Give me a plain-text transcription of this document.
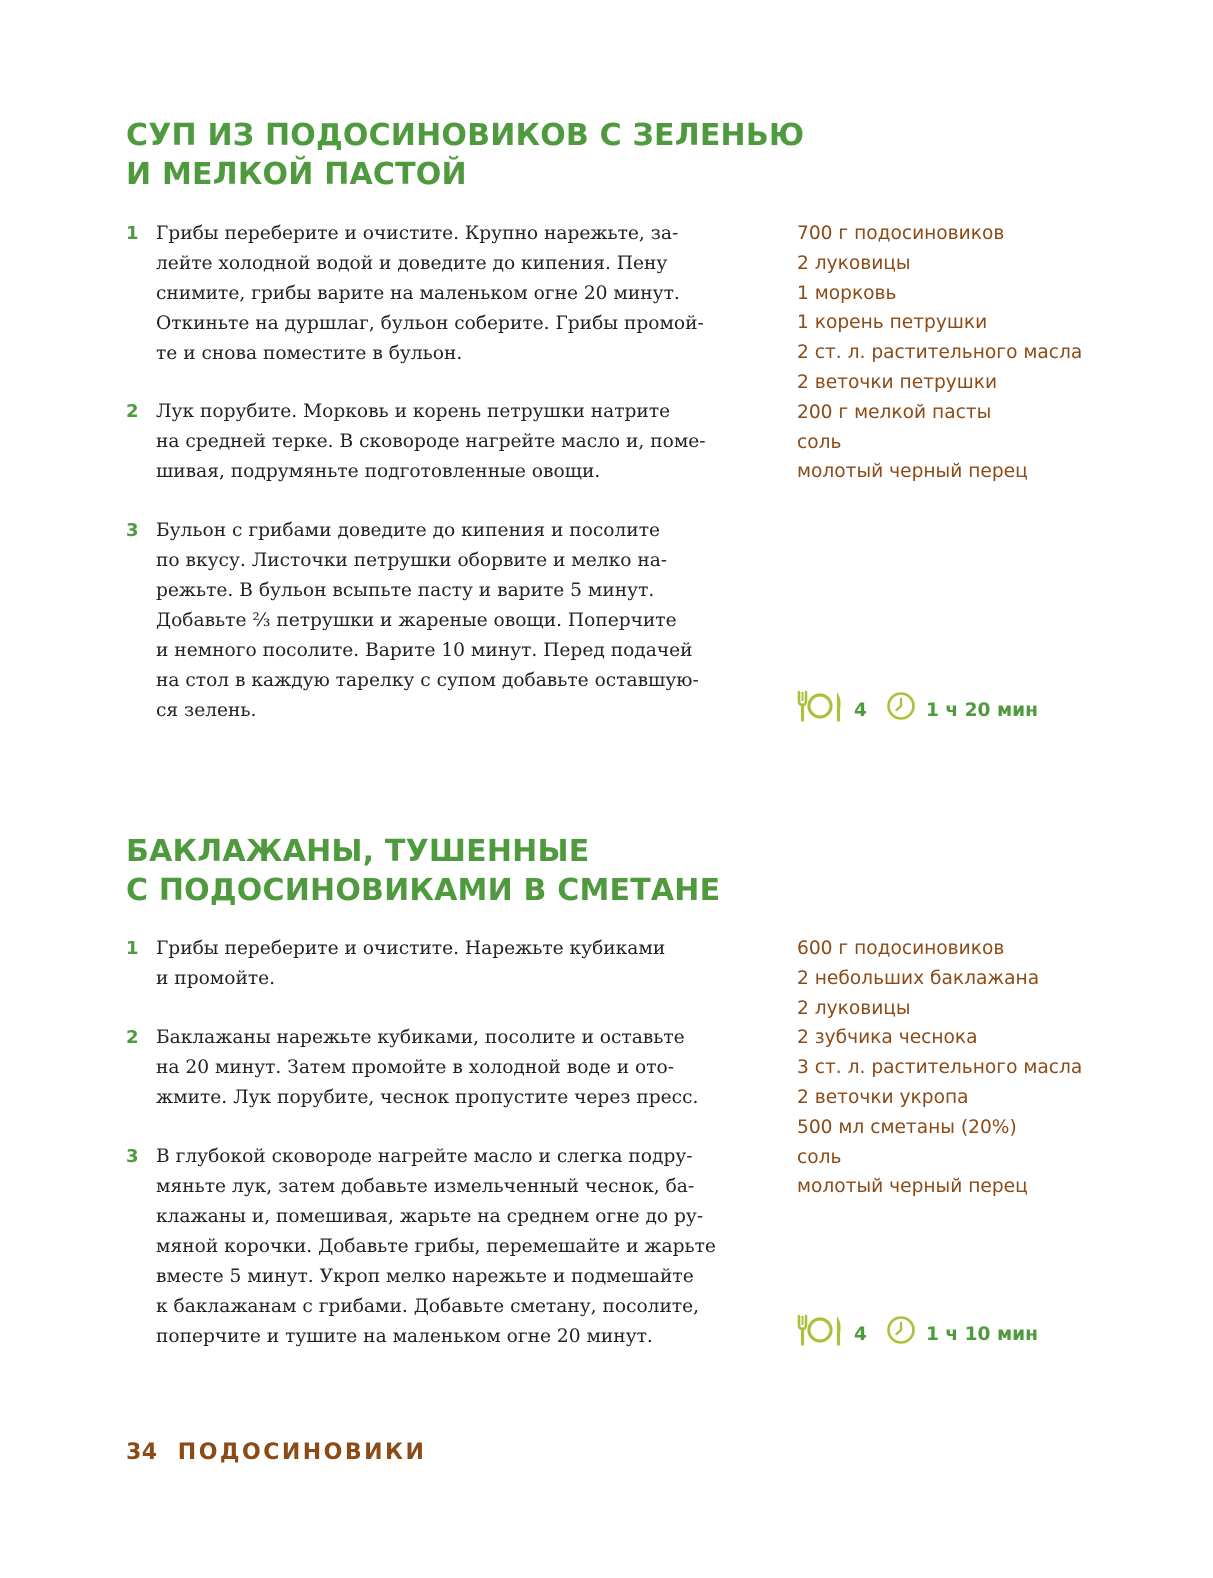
СУП ИЗ ПОДОСИНОВИКОВ С ЗЕЛЕНЬЮ
И МЕЛКОЙ ПАСТОЙ
1 Грибы переберите и очистите. Крупно нарежьте, за-
лейте холодной водой и доведите до кипения. Пену
снимите, грибы варите на маленьком огне 20 минут.
Откиньте на дуршлаг, бульон соберите. Грибы промой-
те и снова поместите в бульон.
2 Лук порубите. Морковь и корень петрушки натрите
на средней терке. В сковороде нагрейте масло и, поме-
шивая, подрумяньте подготовленные овощи.
3 Бульон с грибами доведите до кипения и посолите
по вкусу. Листочки петрушки оборвите и мелко на-
режьте. В бульон всыпьте пасту и варите 5 минут.
Добавьте ⅔ петрушки и жареные овощи. Поперчите
и немного посолите. Варите 10 минут. Перед подачей
на стол в каждую тарелку с супом добавьте оставшую-
ся зелень.
700 г подосиновиков
2 луковицы
1 морковь
1 корень петрушки
2 ст. л. растительного масла
2 веточки петрушки
200 г мелкой пасты
соль
молотый черный перец
4	1 ч 20 мин
БАКЛАЖАНЫ, ТУШЕННЫЕ
С ПОДОСИНОВИКАМИ В СМЕТАНЕ
1 Грибы переберите и очистите. Нарежьте кубиками
и промойте.
2 Баклажаны нарежьте кубиками, посолите и оставьте
на 20 минут. Затем промойте в холодной воде и ото-
жмите. Лук порубите, чеснок пропустите через пресс.
3 В глубокой сковороде нагрейте масло и слегка подру-
мяньте лук, затем добавьте измельченный чеснок, ба-
клажаны и, помешивая, жарьте на среднем огне до ру-
мяной корочки. Добавьте грибы, перемешайте и жарьте
вместе 5 минут. Укроп мелко нарежьте и подмешайте
к баклажанам с грибами. Добавьте сметану, посолите,
поперчите и тушите на маленьком огне 20 минут.
600 г подосиновиков
2 небольших баклажана
2 луковицы
2 зубчика чеснока
3 ст. л. растительного масла
2 веточки укропа
500 мл сметаны (20%)
соль
молотый черный перец
4	1 ч 10 мин
34 ПОДОСИНОВИКИ
